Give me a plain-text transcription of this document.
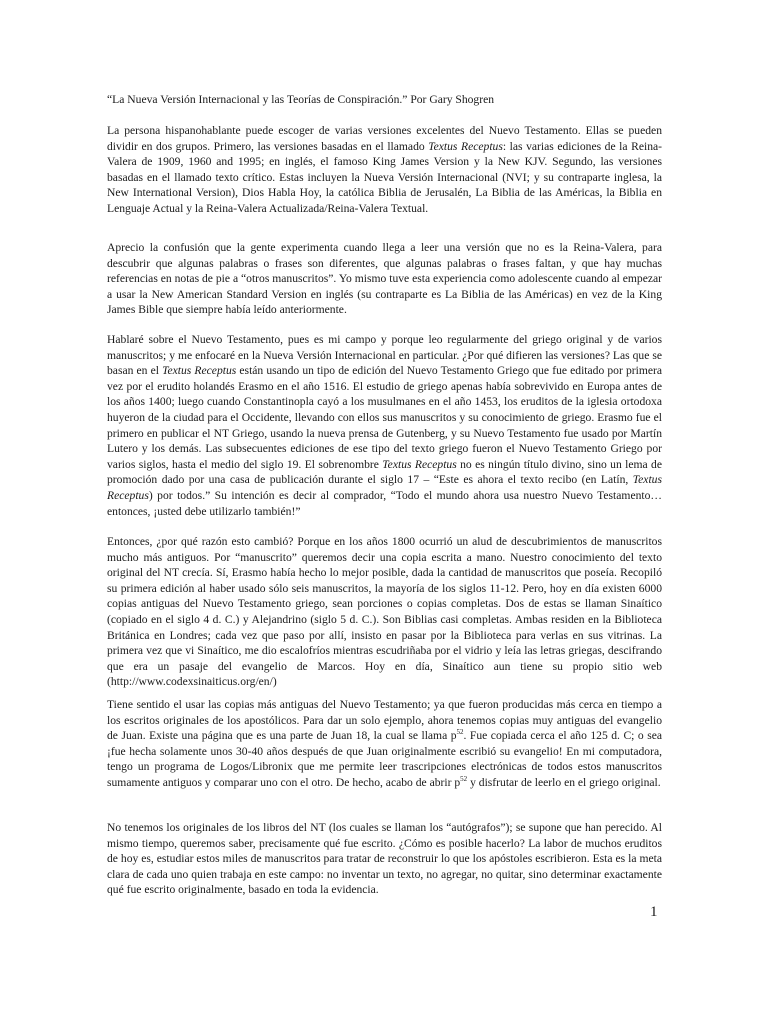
“La Nueva Versión Internacional y las Teorías de Conspiración.” Por Gary Shogren
La persona hispanohablante puede escoger de varias versiones excelentes del Nuevo Testamento. Ellas se pueden dividir en dos grupos. Primero, las versiones basadas en el llamado Textus Receptus: las varias ediciones de la Reina-Valera de 1909, 1960 and 1995; en inglés, el famoso King James Version y la New KJV. Segundo, las versiones basadas en el llamado texto crítico. Estas incluyen la Nueva Versión Internacional (NVI; y su contraparte inglesa, la New International Version), Dios Habla Hoy, la católica Biblia de Jerusalén, La Biblia de las Américas, la Biblia en Lenguaje Actual y la Reina-Valera Actualizada/Reina-Valera Textual.
Aprecio la confusión que la gente experimenta cuando llega a leer una versión que no es la Reina-Valera, para descubrir que algunas palabras o frases son diferentes, que algunas palabras o frases faltan, y que hay muchas referencias en notas de pie a “otros manuscritos”. Yo mismo tuve esta experiencia como adolescente cuando al empezar a usar la New American Standard Version en inglés (su contraparte es La Biblia de las Américas) en vez de la King James Bible que siempre había leído anteriormente.
Hablaré sobre el Nuevo Testamento, pues es mi campo y porque leo regularmente del griego original y de varios manuscritos; y me enfocaré en la Nueva Versión Internacional en particular. ¿Por qué difieren las versiones? Las que se basan en el Textus Receptus están usando un tipo de edición del Nuevo Testamento Griego que fue editado por primera vez por el erudito holandés Erasmo en el año 1516. El estudio de griego apenas había sobrevivido en Europa antes de los años 1400; luego cuando Constantinopla cayó a los musulmanes en el año 1453, los eruditos de la iglesia ortodoxa huyeron de la ciudad para el Occidente, llevando con ellos sus manuscritos y su conocimiento de griego. Erasmo fue el primero en publicar el NT Griego, usando la nueva prensa de Gutenberg, y su Nuevo Testamento fue usado por Martín Lutero y los demás. Las subsecuentes ediciones de ese tipo del texto griego fueron el Nuevo Testamento Griego por varios siglos, hasta el medio del siglo 19. El sobrenombre Textus Receptus no es ningún título divino, sino un lema de promoción dado por una casa de publicación durante el siglo 17 – “Este es ahora el texto recibo (en Latín, Textus Receptus) por todos.” Su intención es decir al comprador, “Todo el mundo ahora usa nuestro Nuevo Testamento… entonces, ¡usted debe utilizarlo también!”
Entonces, ¿por qué razón esto cambió? Porque en los años 1800 ocurrió un alud de descubrimientos de manuscritos mucho más antiguos. Por “manuscrito” queremos decir una copia escrita a mano. Nuestro conocimiento del texto original del NT crecía. Sí, Erasmo había hecho lo mejor posible, dada la cantidad de manuscritos que poseía. Recopiló su primera edición al haber usado sólo seis manuscritos, la mayoría de los siglos 11-12. Pero, hoy en día existen 6000 copias antiguas del Nuevo Testamento griego, sean porciones o copias completas. Dos de estas se llaman Sinaítico (copiado en el siglo 4 d. C.) y Alejandrino (siglo 5 d. C.). Son Biblias casi completas. Ambas residen en la Biblioteca Británica en Londres; cada vez que paso por allí, insisto en pasar por la Biblioteca para verlas en sus vitrinas. La primera vez que vi Sinaítico, me dio escalofríos mientras escudriñaba por el vidrio y leía las letras griegas, descifrando que era un pasaje del evangelio de Marcos. Hoy en día, Sinaítico aun tiene su propio sitio web (http://www.codexsinaiticus.org/en/)
Tiene sentido el usar las copias más antiguas del Nuevo Testamento; ya que fueron producidas más cerca en tiempo a los escritos originales de los apostólicos. Para dar un solo ejemplo, ahora tenemos copias muy antiguas del evangelio de Juan. Existe una página que es una parte de Juan 18, la cual se llama $p^{52}$. Fue copiada cerca el año 125 d. C; o sea ¡fue hecha solamente unos 30-40 años después de que Juan originalmente escribió su evangelio! En mi computadora, tengo un programa de Logos/Libronix que me permite leer trascripciones electrónicas de todos estos manuscritos sumamente antiguos y comparar uno con el otro. De hecho, acabo de abrir $p^{52}$ y disfrutar de leerlo en el griego original.
No tenemos los originales de los libros del NT (los cuales se llaman los “autógrafos”); se supone que han perecido. Al mismo tiempo, queremos saber, precisamente qué fue escrito. ¿Cómo es posible hacerlo? La labor de muchos eruditos de hoy es, estudiar estos miles de manuscritos para tratar de reconstruir lo que los apóstoles escribieron. Esta es la meta clara de cada uno quien trabaja en este campo: no inventar un texto, no agregar, no quitar, sino determinar exactamente qué fue escrito originalmente, basado en toda la evidencia.
1
